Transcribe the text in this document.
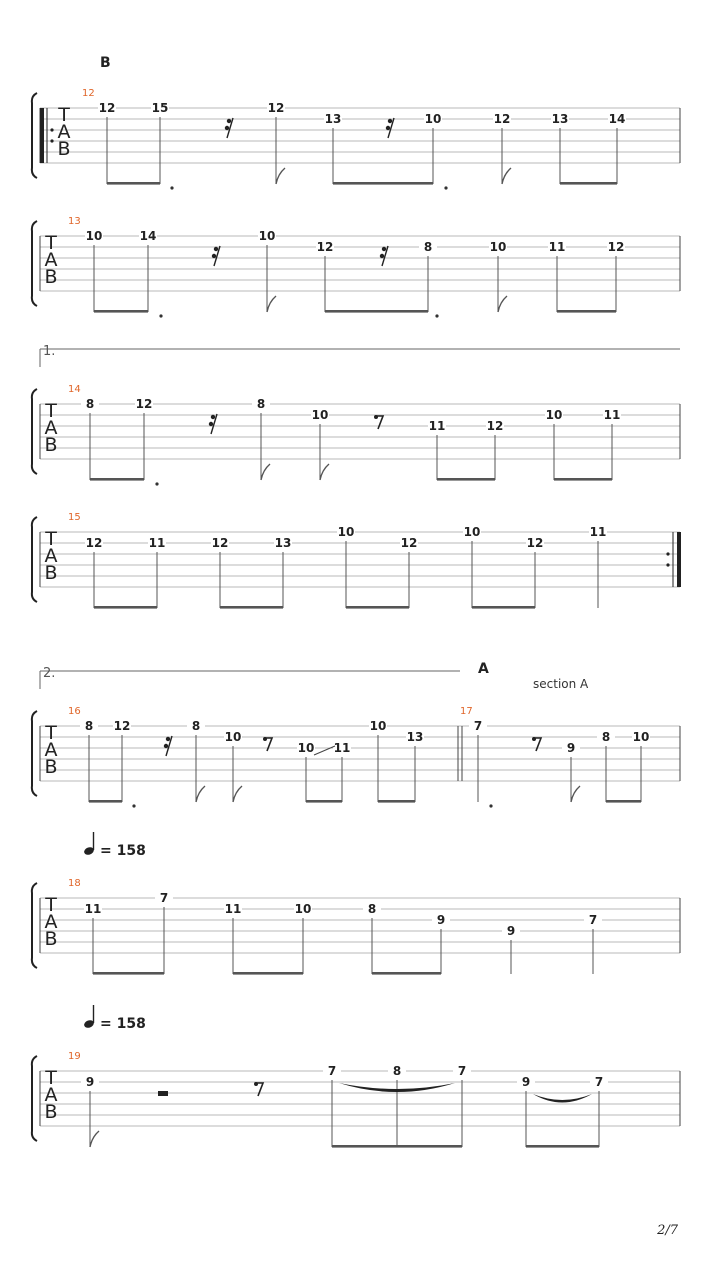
T
A
B
B
12
12	15	12
13	10	12	13	14
T
A
B
13
10	14	10
12	8	10	11	12
T
A
B
1.
14
8	12	8
10
11	12
10	11
T
A
B
15
12	11	12	13
10
12
10
12
11
T
A
B
2.
16	17
A
section A
8 12	8
10
10 11
10
13
7
9
8 10
T
A
B
= 158
18
11
7
11	10	8
9
9
7
T
A
B
= 158
19
9
7	8	7
9	7
2/7
